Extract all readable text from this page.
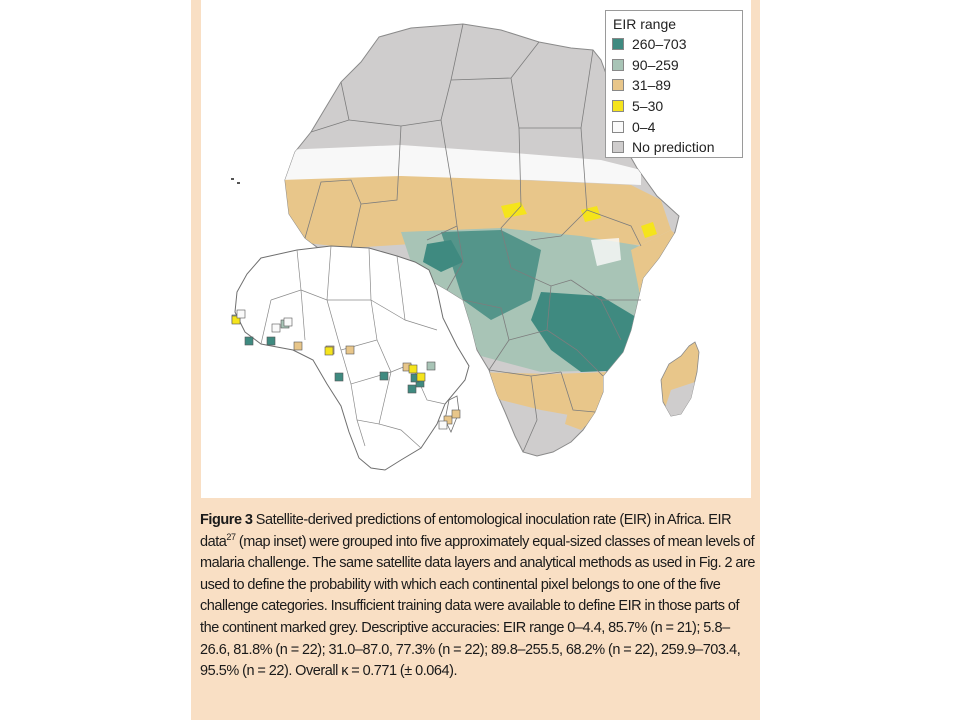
EIR range
260–703
90–259
31–89
5–30
0–4
No prediction
Figure 3 Satellite-derived predictions of entomological inoculation rate (EIR) in Africa. EIR data$^{27}$ (map inset) were grouped into five approximately equal-sized classes of mean levels of malaria challenge. The same satellite data layers and analytical methods as used in Fig. 2 are used to define the probability with which each continental pixel belongs to one of the five challenge categories. Insufficient training data were available to define EIR in those parts of the continent marked grey. Descriptive accuracies: EIR range 0–4.4, 85.7% (n = 21); 5.8–26.6, 81.8% (n = 22); 31.0–87.0, 77.3% (n = 22); 89.8–255.5, 68.2% (n = 22), 259.9–703.4, 95.5% (n = 22). Overall κ = 0.771 (± 0.064).
